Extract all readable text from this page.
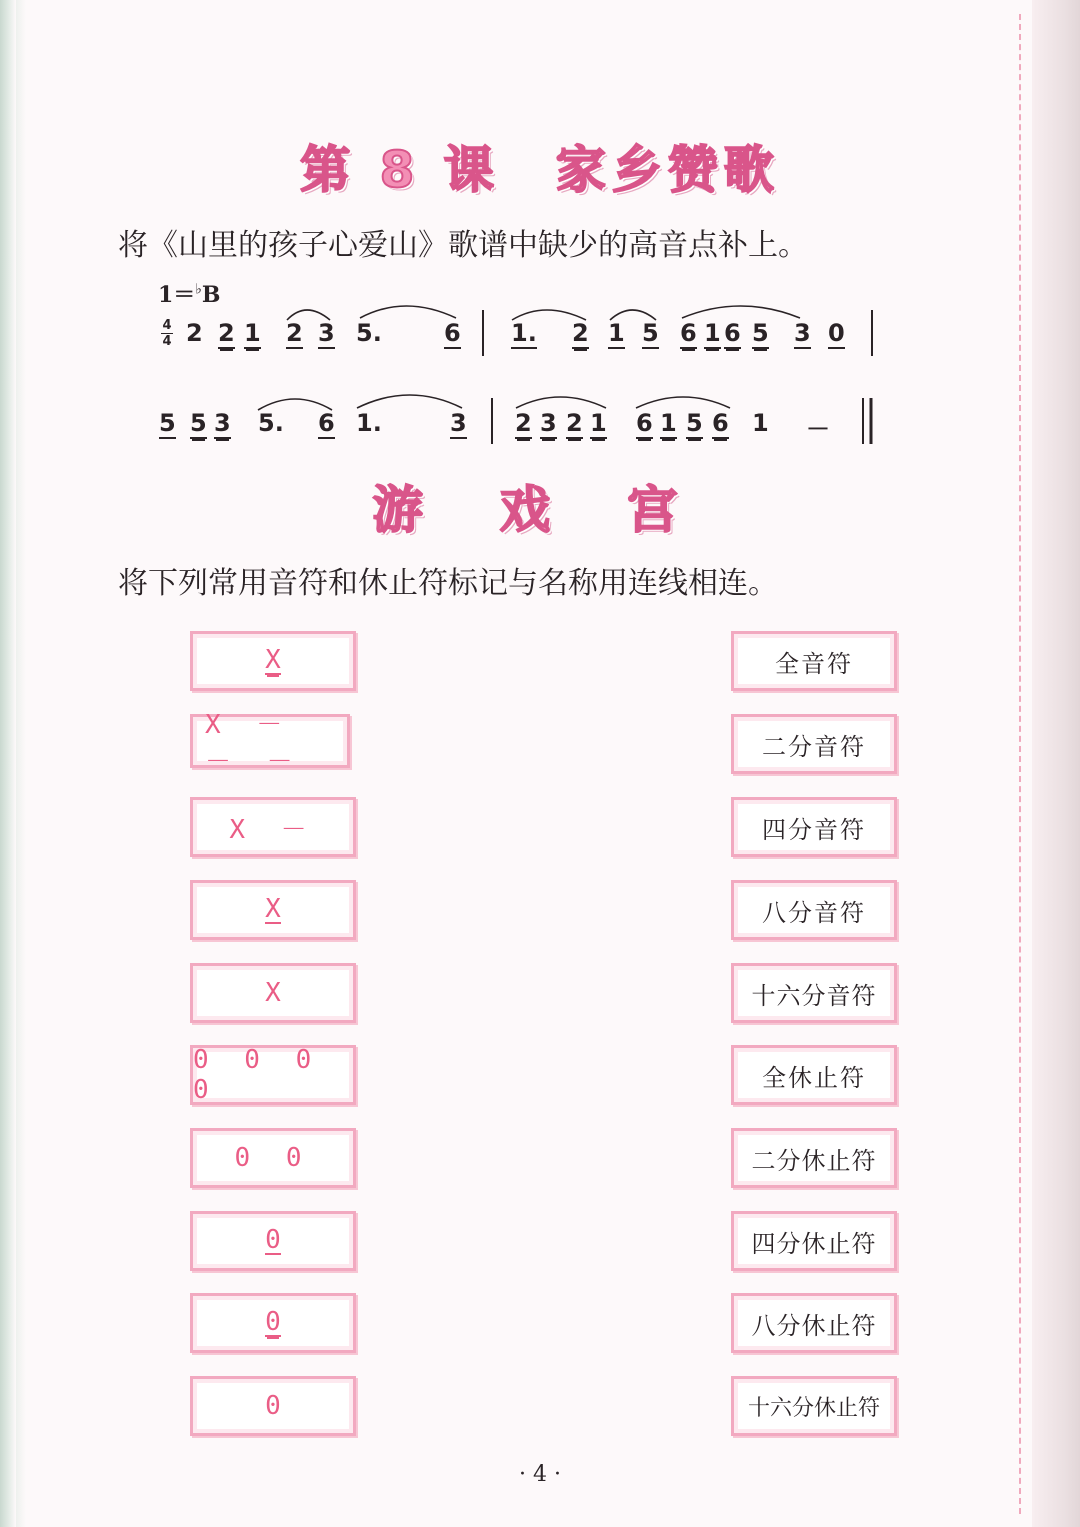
第 8 课　家乡赞歌
将《山里的孩子心爱山》歌谱中缺少的高音点补上。
1＝♭B
4
4 2 2 1 2 3 5.	6 1. 2 1 5 6 1 6 5 3 0
5 5 3 5. 6 1.	3 2 3 2 1 6 1 5 6 1 －
游 戏 宫
将下列常用音符和休止符标记与名称用连线相连。
X
X － － －
X －
X
X
0 0 0 0
0 0
0
0
0
全音符
二分音符
四分音符
八分音符
十六分音符
全休止符
二分休止符
四分休止符
八分休止符
十六分休止符
· 4 ·
